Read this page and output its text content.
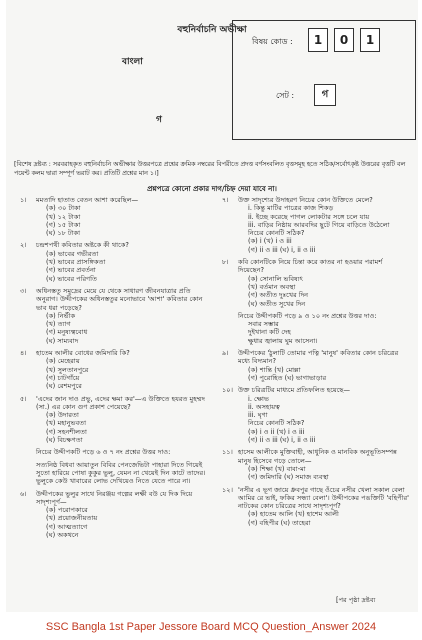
বহুনির্বাচনি অভীক্ষা
বাংলা
গ
বিষয় কোড :	1	0	1
সেট :	গ
[বিশেষ দ্রষ্টব্য : সরবরাহকৃত বহুনির্বাচনি অভীক্ষার উত্তরপত্রে প্রশ্নের ক্রমিক নম্বরের বিপরীতে প্রদত্ত বর্ণসংবলিত বৃত্তসমূহ হতে সঠিক/সর্বোৎকৃষ্ট উত্তরের বৃত্তটি বল পয়েন্ট কলম দ্বারা সম্পূর্ণ ভরাট কর। প্রতিটি প্রশ্নের মান ১।]
প্রশ্নপত্রে কোনো প্রকার দাগ/চিহ্ন দেয়া যাবে না।
১। মমতাদি হাতাত বেতন আশা করেছিল—
(ক) ৩০ টাকা
(খ) ১২ টাকা
(গ) ১৫ টাকা
(ঘ) ১৮ টাকা
২। চন্দ্রশপথী কবিতার অষ্টকে কী থাকে?
(ক) ভাবের গভীরতা
(খ) ভাবের প্রাসঙ্গিকতা
(গ) ভাবের প্রবর্তনা
(ঘ) ভাবের পরিণতি
৩। অধিনস্ততু সমুদ্রের মেয়ে যে থেকে সাধারণ জীবনযাত্রার প্রতি অনুরাগ। উদ্দীপকের অধিনস্ততুর মনোভাবে 'আশা' কবিতার কোন ভাব ধরা পড়েছে?
(ক) নির্ভীক
(খ) ত্যাগ
(গ) মনুষ্যত্ববোধ
(ঘ) সাম্যবাদ
৪। হাতেম আলীর বোধের জমিদারি কি?
(ক) মেহেরায়
(খ) সুলতানপুরে
(গ) চাটগাঁয়ে
(ঘ) রেশমপুরে
৫। 'এদের জান দাও প্রভু, এদের ক্ষমা কর'—এ উক্তিতে হযরত মুহম্মদ (সা.) এর কোন গুণ প্রকাশ পেয়েছে?
(ক) উদারতা
(খ) মহানুভবতা
(গ) সহনশীলতা
(ঘ) বিচক্ষণতা
নিচের উদ্দীপকটি পড়ে ৬ ও ৭ নং প্রশ্নের উত্তর দাও:
সত্যনিষ্ঠ বিধবা আয়াতুন বিবির পেনজেভিটা পাহারা দিতে গিয়েই সুতো হারিয়ে পোষা কুকুর ভুলু, যেমন না খেয়েই দিন কাটে তাদের। ভুলুকে কেউ খাবারের লোভ দেখিয়েও নিতে যেতে পারে না।
৬। উদ্দীপকের ভুলুর সাথে নিরঞ্জয় গল্পের লক্ষী বউ যে দিক দিয়ে সাদৃশ্যপূর্ণ—
(ক) পরোপকারে
(খ) প্রয়োজনীয়তায়
(গ) আত্মত্যাগে
(ঘ) অকথনে
৭। উক্ত সাদৃশ্যের উদাহরণ নিচের কোন উক্তিতে মেলে?
i. কিন্তু মাটির পাত্রের কাজ শিকড়
ii. ইচ্ছে করেছে পাগল লোকটার সঙ্গে চলে যায়
iii. বাড়ির নিষ্ঠায় আরবদির ছুটে গিয়ে বাড়িতে উঠেলো
নিচের কোনটি সঠিক?
(ক) i (খ) i ও iii
(গ) ii ও iii (ঘ) i, ii ও iii
৮। কবি কোনটিকে নিয়ে চিন্তা করে কাতর না হওয়ার পরামর্শ দিয়েছেন?
(ক) সোনালি ভবিষ্যৎ
(খ) বর্তমান অবস্থা
(গ) অতীত দুঃখের দিন
(ঘ) অতীত সুখের দিন
নিচের উদ্দীপকটি পড়ে ৯ ও ১০ নং প্রশ্নের উত্তর দাও:
সবার সম্ভার
দুইখানা কটি দেহ
ক্ষুধার জ্বালায় ঘুম আসেনা।
৯। উদ্দীপকের 'ঠুলাটি তোমার পত্নি 'মানুষ' কবিতার কোন চরিত্রের মধ্যে বিদ্যমান?
(ক) শান্তি (খ) মোল্লা
(গ) পুরোহিত (ঘ) ভাগাভাড়ার
১০। উক্ত চরিত্রটির মাধ্যমে প্রতিফলিত হয়েছে—
i. ক্ষোভ
ii. অসহায়ত্ব
iii. ঘৃণা
নিচের কোনটি সঠিক?
(ক) i ও ii (খ) i ও iii
(গ) ii ও iii (ঘ) i, ii ও iii
১১। হাসেম আলীকে মুক্তিবাহী, আধুনিক ও মানবিক অনুভূতিসম্পন্ন মানুষ হিসেবে গড়ে তোলে—
(ক) শিক্ষা (খ) বাবা-মা
(গ) জমিদারি (ঘ) সমাজ ব্যবস্থা
১২। 'নসীর এ ভূগ জায়ে ধ্রুবপুর গাছে ওঁচের নসীর খেলা সকাল বেলা আমির রে ভাই, ফকির সন্ধ্যা বেলা'। উদ্দীপকের পঙক্তিটি 'বহিপীর' নাটকের কোন চরিত্রের সাথে সাদৃশ্যপূর্ণ?
(ক) হাতেম আলি (খ) হাশেম আলী
(গ) বহিপীর (ঘ) তাহেরা
[পর পৃষ্ঠা দ্রষ্টব্য
SSC Bangla 1st Paper Jessore Board MCQ Question_Answer 2024
